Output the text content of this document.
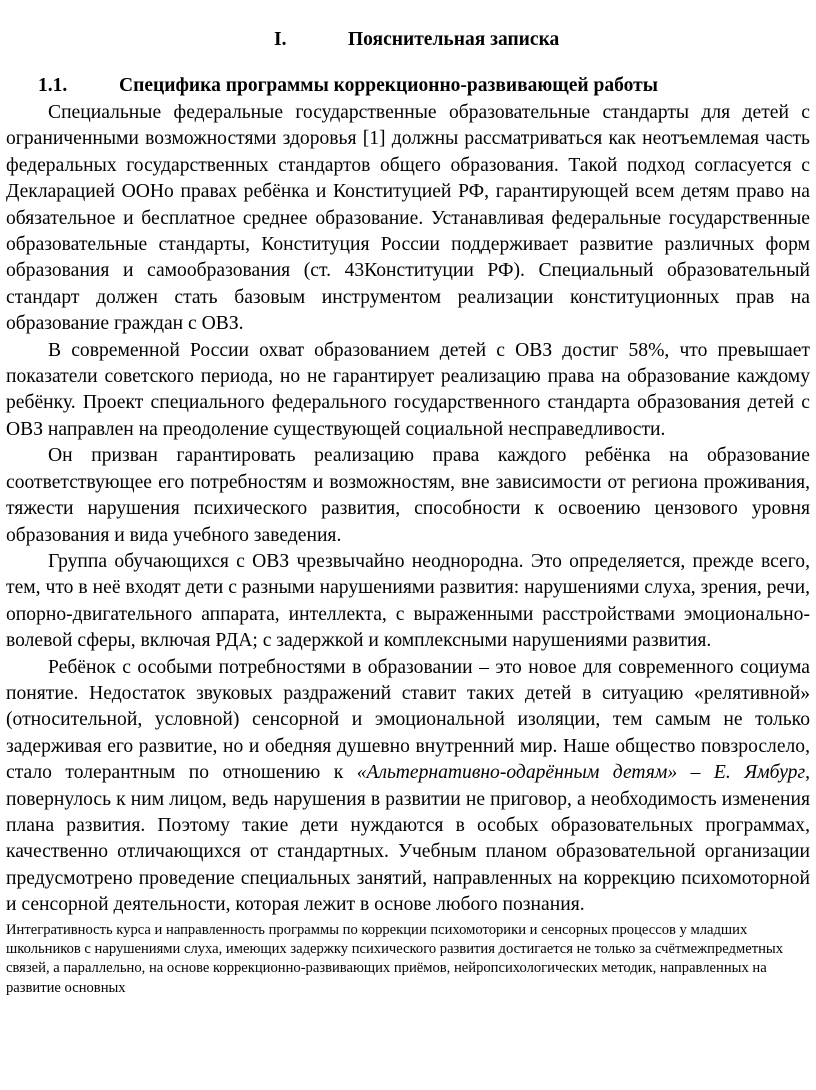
I.	Пояснительная записка
1.1.	Специфика программы коррекционно-развивающей работы

Специальные федеральные государственные образовательные стандарты для детей с ограниченными возможностями здоровья [1] должны рассматриваться как неотъемлемая часть федеральных государственных стандартов общего образования. Такой подход согласуется с Декларацией ООНо правах ребёнка и Конституцией РФ, гарантирующей всем детям право на обязательное и бесплатное среднее образование. Устанавливая федеральные государственные образовательные стандарты, Конституция России поддерживает развитие различных форм образования и самообразования (ст. 43Конституции РФ). Специальный образовательный стандарт должен стать базовым инструментом реализации конституционных прав на образование граждан с ОВЗ.

В современной России охват образованием детей с ОВЗ достиг 58%, что превышает показатели советского периода, но не гарантирует реализацию права на образование каждому ребёнку. Проект специального федерального государственного стандарта образования детей с ОВЗ направлен на преодоление существующей социальной несправедливости.

Он призван гарантировать реализацию права каждого ребёнка на образование соответствующее его потребностям и возможностям, вне зависимости от региона проживания, тяжести нарушения психического развития, способности к освоению цензового уровня образования и вида учебного заведения.

Группа обучающихся с ОВЗ чрезвычайно неоднородна. Это определяется, прежде всего, тем, что в неё входят дети с разными нарушениями развития: нарушениями слуха, зрения, речи, опорно-двигательного аппарата, интеллекта, с выраженными расстройствами эмоционально-волевой сферы, включая РДА; с задержкой и комплексными нарушениями развития.

Ребёнок с особыми потребностями в образовании – это новое для современного социума понятие. Недостаток звуковых раздражений ставит таких детей в ситуацию «релятивной» (относительной, условной) сенсорной и эмоциональной изоляции, тем самым не только задерживая его развитие, но и обедняя душевно внутренний мир. Наше общество повзрослело, стало толерантным по отношению к «Альтернативно-одарённым детям» – Е. Ямбург, повернулось к ним лицом, ведь нарушения в развитии не приговор, а необходимость изменения плана развития. Поэтому такие дети нуждаются в особых образовательных программах, качественно отличающихся от стандартных. Учебным планом образовательной организации предусмотрено проведение специальных занятий, направленных на коррекцию психомоторной и сенсорной деятельности, которая лежит в основе любого познания.

Интегративность курса и направленность программы по коррекции психомоторики и сенсорных процессов у младших школьников с нарушениями слуха, имеющих задержку психического развития достигается не только за счётмежпредметных связей, а параллельно, на основе коррекционно-развивающих приёмов, нейропсихологических методик, направленных на развитие основных
